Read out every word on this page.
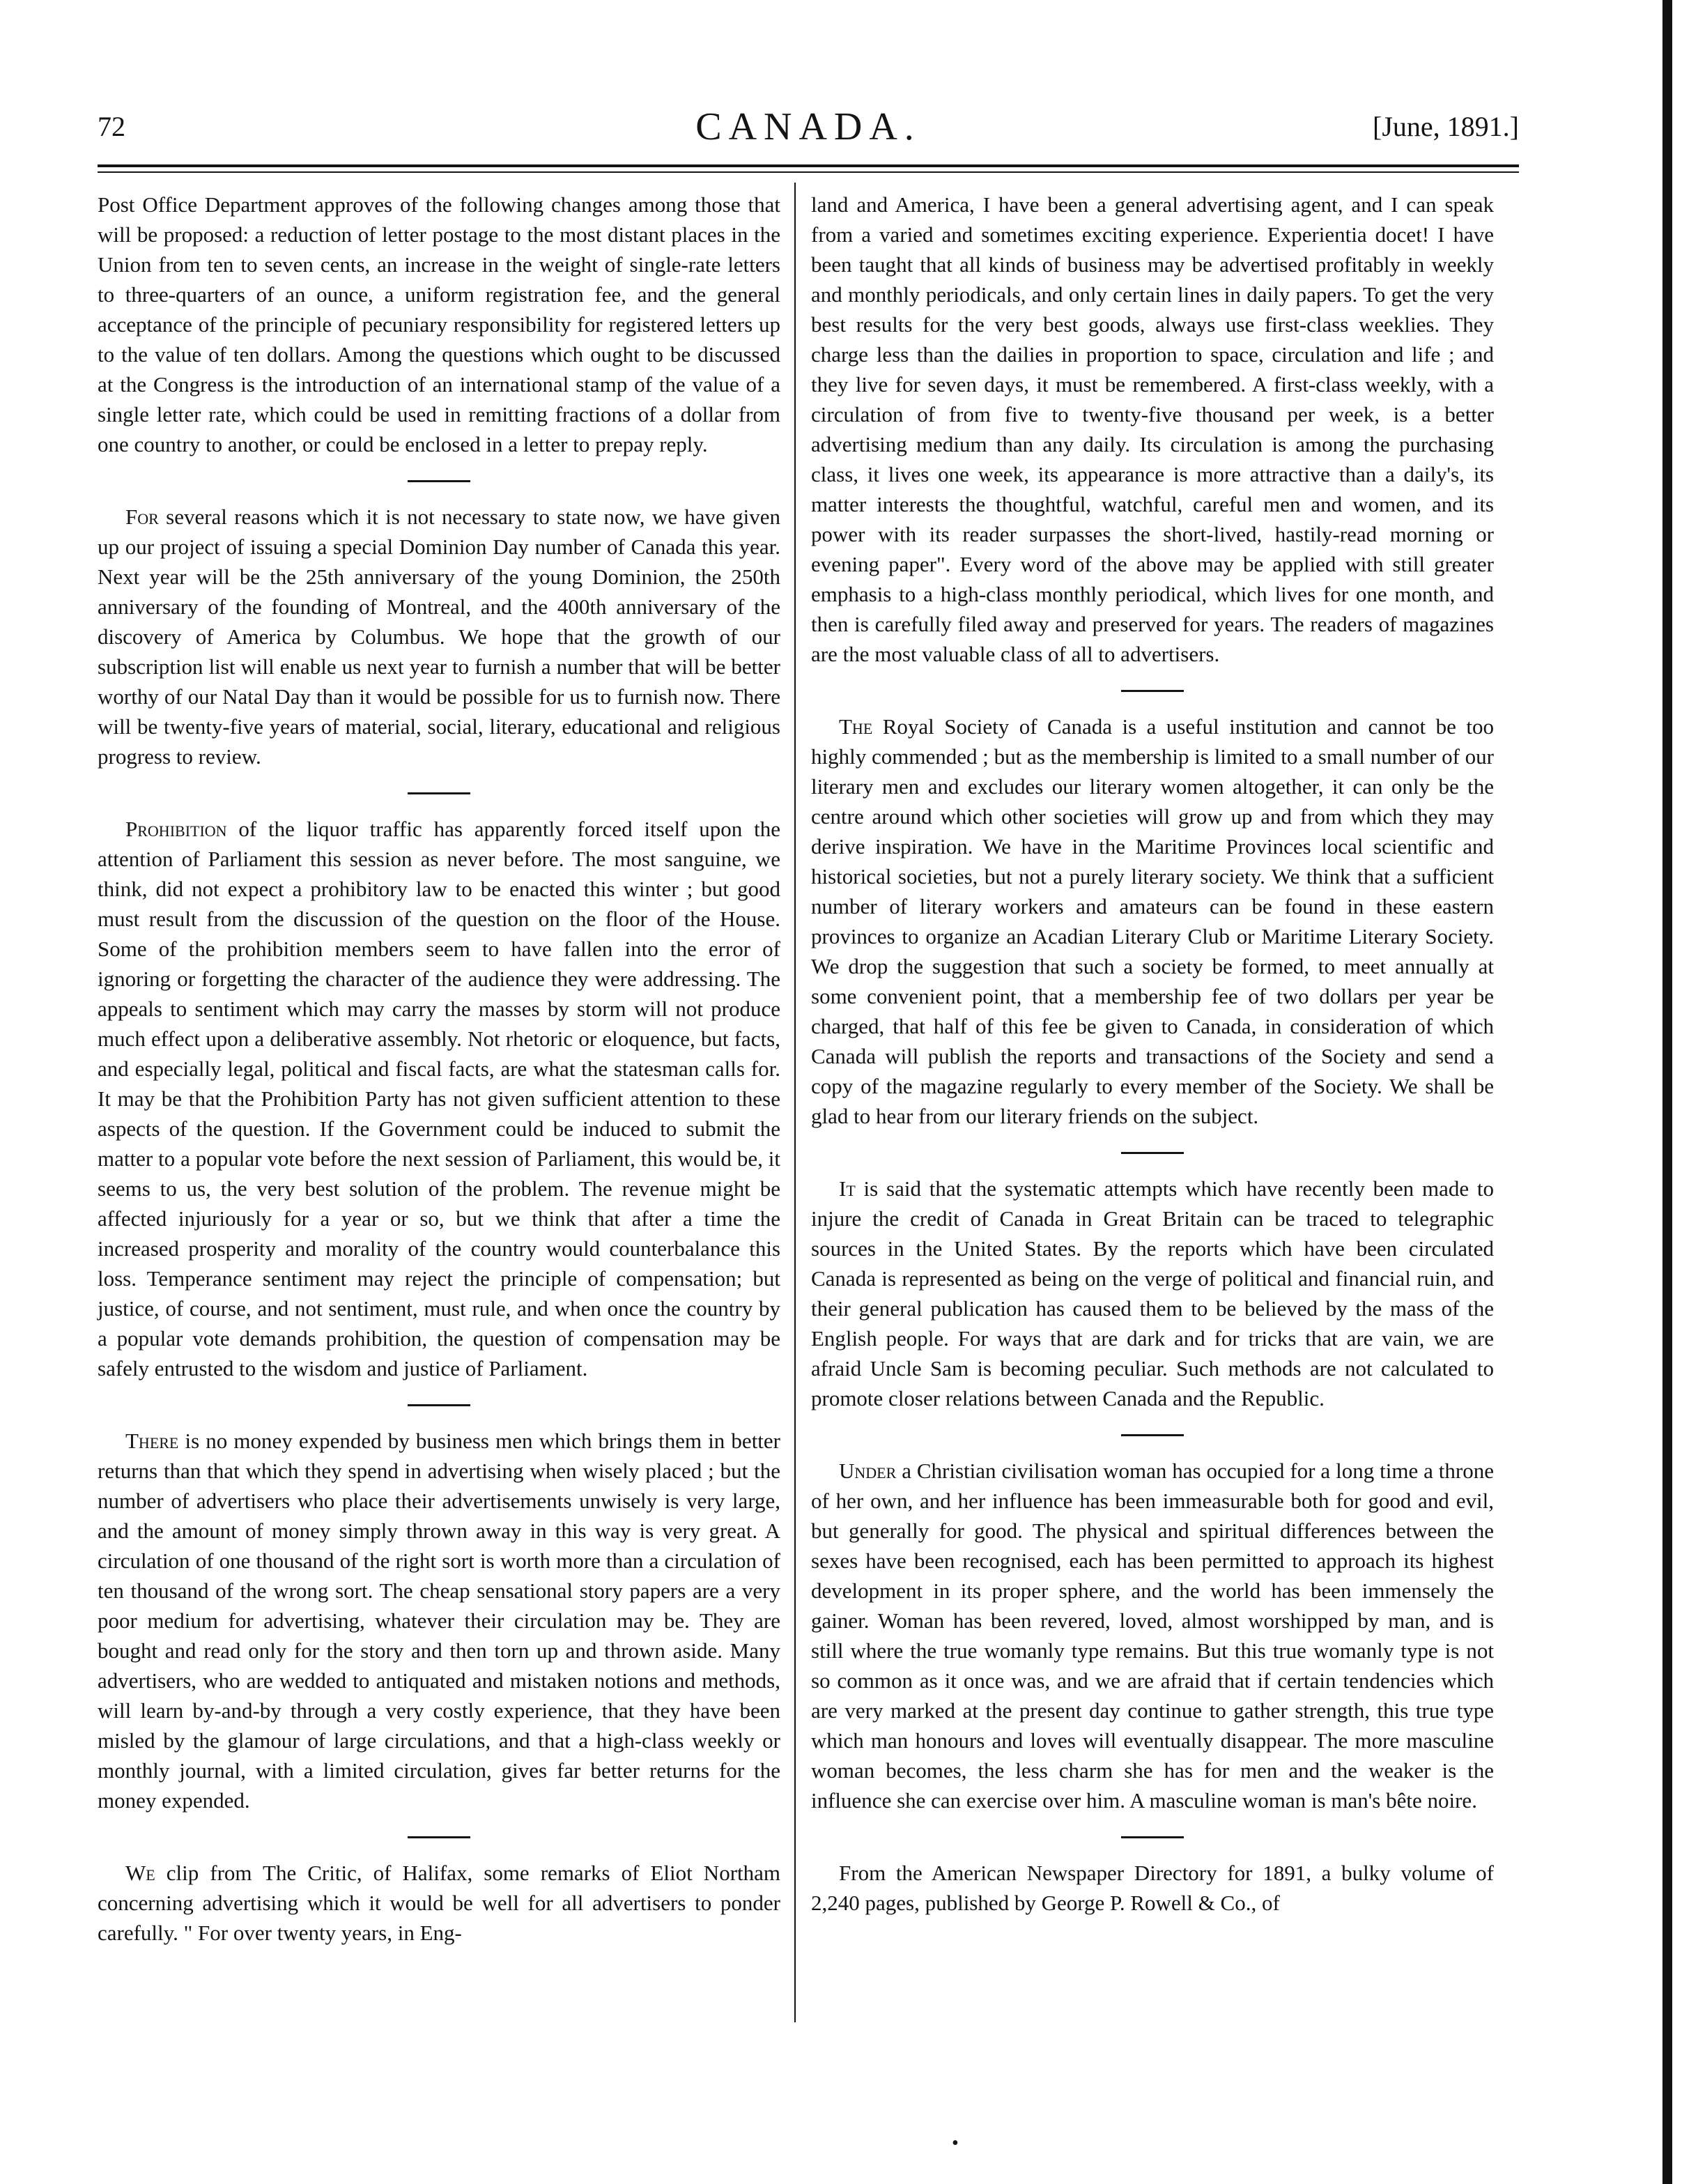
72	CANADA.	[June, 1891.]

Post Office Department approves of the following changes among those that will be proposed: a reduction of letter postage to the most distant places in the Union from ten to seven cents, an increase in the weight of single-rate letters to three-quarters of an ounce, a uniform registration fee, and the general acceptance of the principle of pecuniary responsibility for registered letters up to the value of ten dollars. Among the questions which ought to be discussed at the Congress is the introduction of an international stamp of the value of a single letter rate, which could be used in remitting fractions of a dollar from one country to another, or could be enclosed in a letter to prepay reply.

For several reasons which it is not necessary to state now, we have given up our project of issuing a special Dominion Day number of Canada this year. Next year will be the 25th anniversary of the young Dominion, the 250th anniversary of the founding of Montreal, and the 400th anniversary of the discovery of America by Columbus. We hope that the growth of our subscription list will enable us next year to furnish a number that will be better worthy of our Natal Day than it would be possible for us to furnish now. There will be twenty-five years of material, social, literary, educational and religious progress to review.

Prohibition of the liquor traffic has apparently forced itself upon the attention of Parliament this session as never before. The most sanguine, we think, did not expect a prohibitory law to be enacted this winter ; but good must result from the discussion of the question on the floor of the House. Some of the prohibition members seem to have fallen into the error of ignoring or forgetting the character of the audience they were addressing. The appeals to sentiment which may carry the masses by storm will not produce much effect upon a deliberative assembly. Not rhetoric or eloquence, but facts, and especially legal, political and fiscal facts, are what the statesman calls for. It may be that the Prohibition Party has not given sufficient attention to these aspects of the question. If the Government could be induced to submit the matter to a popular vote before the next session of Parliament, this would be, it seems to us, the very best solution of the problem. The revenue might be affected injuriously for a year or so, but we think that after a time the increased prosperity and morality of the country would counterbalance this loss. Temperance sentiment may reject the principle of compensation; but justice, of course, and not sentiment, must rule, and when once the country by a popular vote demands prohibition, the question of compensation may be safely entrusted to the wisdom and justice of Parliament.

There is no money expended by business men which brings them in better returns than that which they spend in advertising when wisely placed ; but the number of advertisers who place their advertisements unwisely is very large, and the amount of money simply thrown away in this way is very great. A circulation of one thousand of the right sort is worth more than a circulation of ten thousand of the wrong sort. The cheap sensational story papers are a very poor medium for advertising, whatever their circulation may be. They are bought and read only for the story and then torn up and thrown aside. Many advertisers, who are wedded to antiquated and mistaken notions and methods, will learn by-and-by through a very costly experience, that they have been misled by the glamour of large circulations, and that a high-class weekly or monthly journal, with a limited circulation, gives far better returns for the money expended.

We clip from The Critic, of Halifax, some remarks of Eliot Northam concerning advertising which it would be well for all advertisers to ponder carefully. " For over twenty years, in Eng-

land and America, I have been a general advertising agent, and I can speak from a varied and sometimes exciting experience. Experientia docet! I have been taught that all kinds of business may be advertised profitably in weekly and monthly periodicals, and only certain lines in daily papers. To get the very best results for the very best goods, always use first-class weeklies. They charge less than the dailies in proportion to space, circulation and life ; and they live for seven days, it must be remembered. A first-class weekly, with a circulation of from five to twenty-five thousand per week, is a better advertising medium than any daily. Its circulation is among the purchasing class, it lives one week, its appearance is more attractive than a daily's, its matter interests the thoughtful, watchful, careful men and women, and its power with its reader surpasses the short-lived, hastily-read morning or evening paper". Every word of the above may be applied with still greater emphasis to a high-class monthly periodical, which lives for one month, and then is carefully filed away and preserved for years. The readers of magazines are the most valuable class of all to advertisers.

The Royal Society of Canada is a useful institution and cannot be too highly commended ; but as the membership is limited to a small number of our literary men and excludes our literary women altogether, it can only be the centre around which other societies will grow up and from which they may derive inspiration. We have in the Maritime Provinces local scientific and historical societies, but not a purely literary society. We think that a sufficient number of literary workers and amateurs can be found in these eastern provinces to organize an Acadian Literary Club or Maritime Literary Society. We drop the suggestion that such a society be formed, to meet annually at some convenient point, that a membership fee of two dollars per year be charged, that half of this fee be given to Canada, in consideration of which Canada will publish the reports and transactions of the Society and send a copy of the magazine regularly to every member of the Society. We shall be glad to hear from our literary friends on the subject.

It is said that the systematic attempts which have recently been made to injure the credit of Canada in Great Britain can be traced to telegraphic sources in the United States. By the reports which have been circulated Canada is represented as being on the verge of political and financial ruin, and their general publication has caused them to be believed by the mass of the English people. For ways that are dark and for tricks that are vain, we are afraid Uncle Sam is becoming peculiar. Such methods are not calculated to promote closer relations between Canada and the Republic.

Under a Christian civilisation woman has occupied for a long time a throne of her own, and her influence has been immeasurable both for good and evil, but generally for good. The physical and spiritual differences between the sexes have been recognised, each has been permitted to approach its highest development in its proper sphere, and the world has been immensely the gainer. Woman has been revered, loved, almost worshipped by man, and is still where the true womanly type remains. But this true womanly type is not so common as it once was, and we are afraid that if certain tendencies which are very marked at the present day continue to gather strength, this true type which man honours and loves will eventually disappear. The more masculine woman becomes, the less charm she has for men and the weaker is the influence she can exercise over him. A masculine woman is man's bête noire.

From the American Newspaper Directory for 1891, a bulky volume of 2,240 pages, published by George P. Rowell & Co., of

•
